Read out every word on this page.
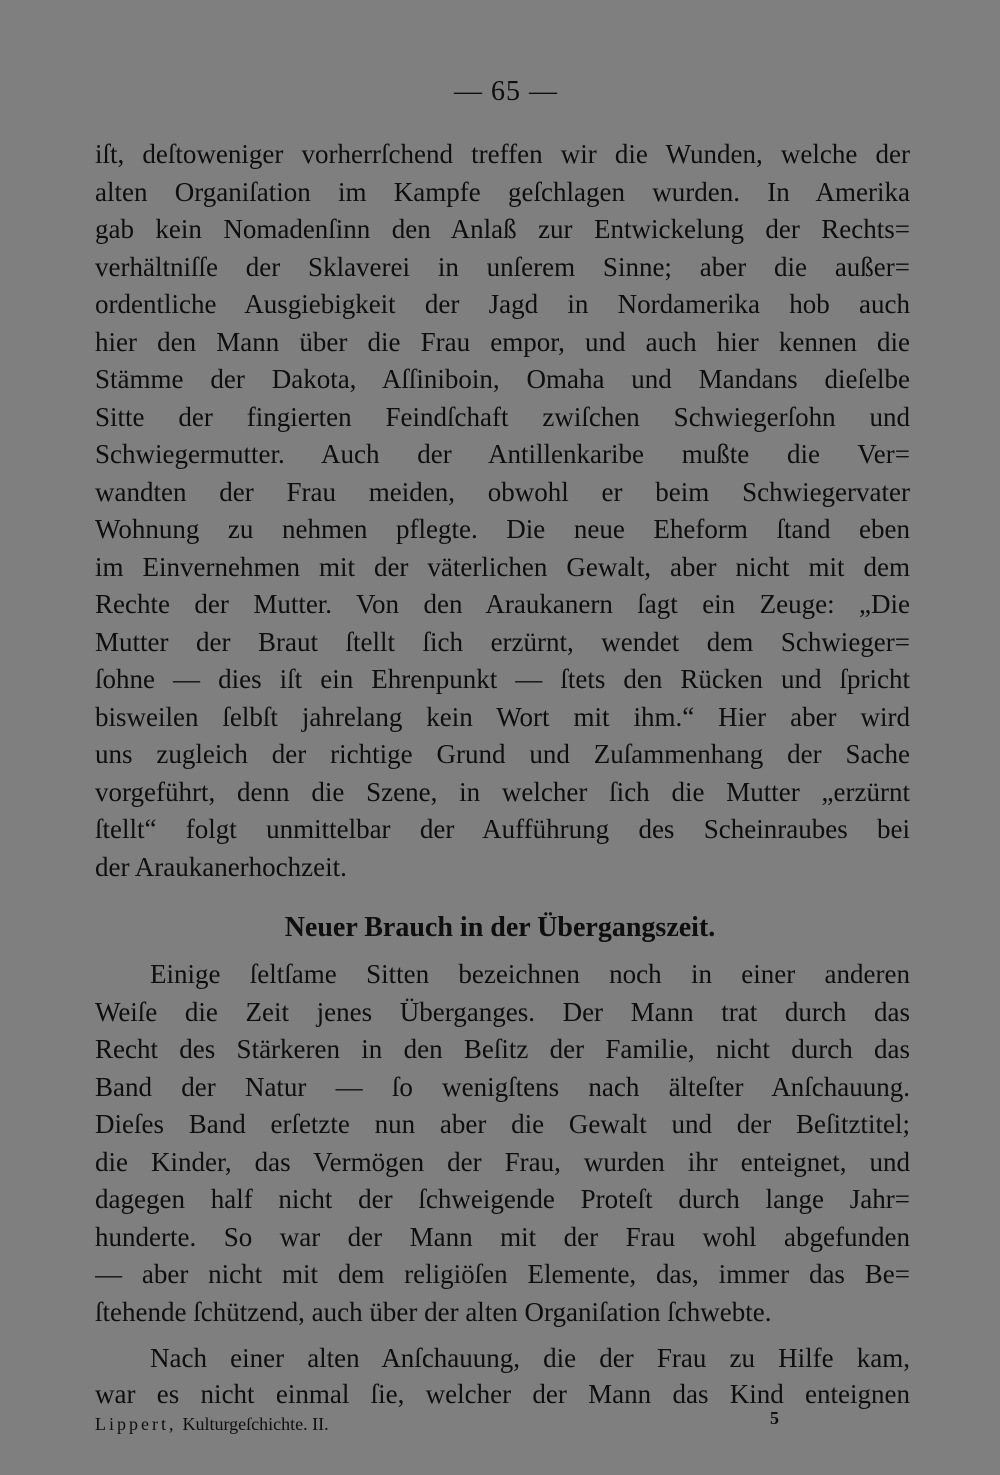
— 65 —
iſt, deſtoweniger vorherrſchend treffen wir die Wunden, welche der
alten Organiſation im Kampfe geſchlagen wurden. In Amerika
gab kein Nomadenſinn den Anlaß zur Entwickelung der Rechts=
verhältniſſe der Sklaverei in unſerem Sinne; aber die außer=
ordentliche Ausgiebigkeit der Jagd in Nordamerika hob auch
hier den Mann über die Frau empor, und auch hier kennen die
Stämme der Dakota, Aſſiniboin, Omaha und Mandans dieſelbe
Sitte der fingierten Feindſchaft zwiſchen Schwiegerſohn und
Schwiegermutter. Auch der Antillenkaribe mußte die Ver=
wandten der Frau meiden, obwohl er beim Schwiegervater
Wohnung zu nehmen pflegte. Die neue Eheform ſtand eben
im Einvernehmen mit der väterlichen Gewalt, aber nicht mit dem
Rechte der Mutter. Von den Araukanern ſagt ein Zeuge: „Die
Mutter der Braut ſtellt ſich erzürnt, wendet dem Schwieger=
ſohne — dies iſt ein Ehrenpunkt — ſtets den Rücken und ſpricht
bisweilen ſelbſt jahrelang kein Wort mit ihm.“ Hier aber wird
uns zugleich der richtige Grund und Zuſammenhang der Sache
vorgeführt, denn die Szene, in welcher ſich die Mutter „erzürnt
ſtellt“ folgt unmittelbar der Aufführung des Scheinraubes bei
der Araukanerhochzeit.
Neuer Brauch in der Übergangszeit.
Einige ſeltſame Sitten bezeichnen noch in einer anderen
Weiſe die Zeit jenes Überganges. Der Mann trat durch das
Recht des Stärkeren in den Beſitz der Familie, nicht durch das
Band der Natur — ſo wenigſtens nach älteſter Anſchauung.
Dieſes Band erſetzte nun aber die Gewalt und der Beſitztitel;
die Kinder, das Vermögen der Frau, wurden ihr enteignet, und
dagegen half nicht der ſchweigende Proteſt durch lange Jahr=
hunderte. So war der Mann mit der Frau wohl abgefunden
— aber nicht mit dem religiöſen Elemente, das, immer das Be=
ſtehende ſchützend, auch über der alten Organiſation ſchwebte.
Nach einer alten Anſchauung, die der Frau zu Hilfe kam,
war es nicht einmal ſie, welcher der Mann das Kind enteignen
Lippert, Kulturgeſchichte. II.	5
